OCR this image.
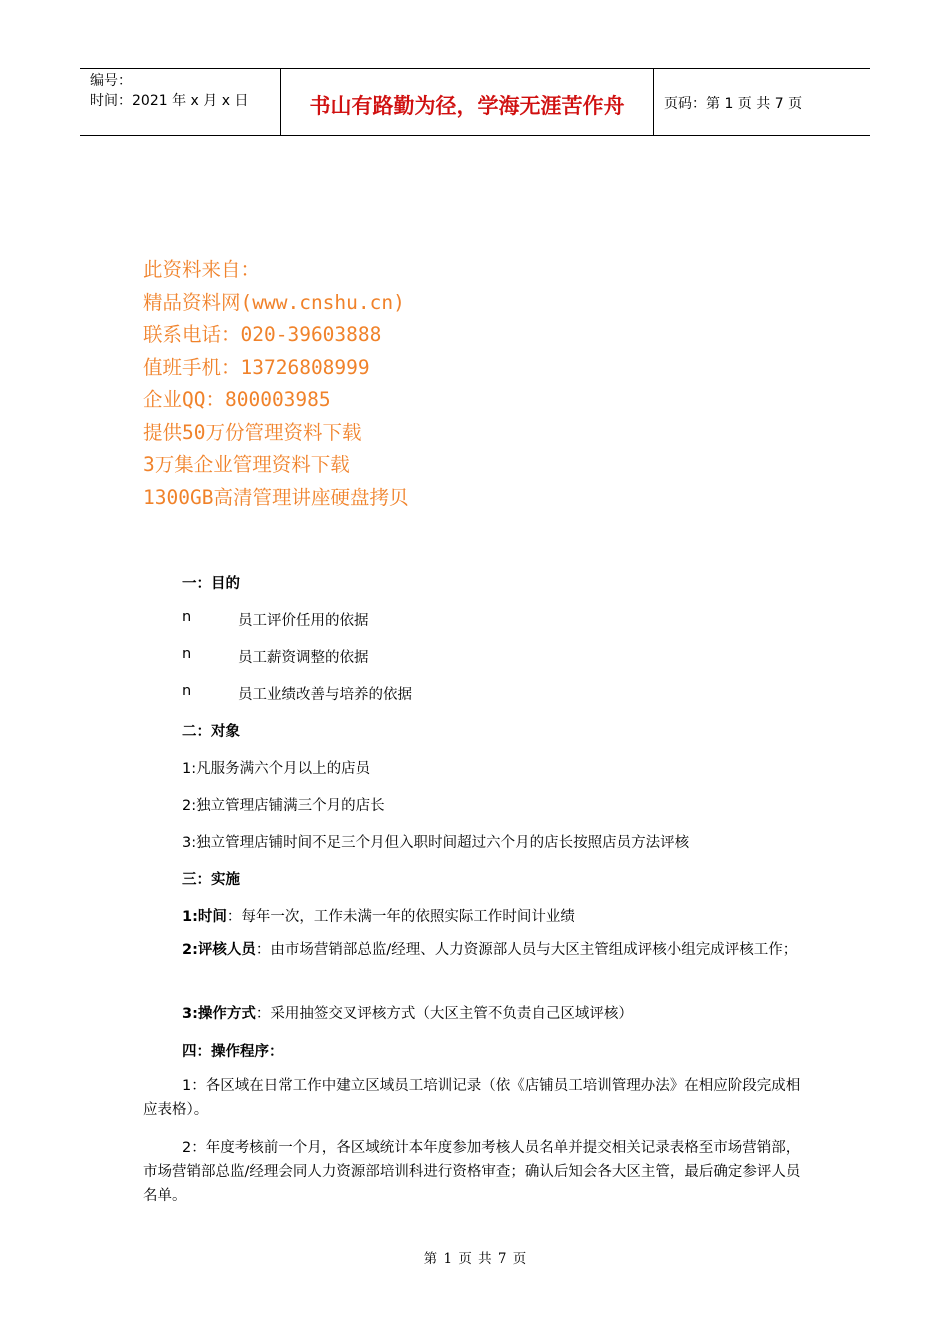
编号：
时间：2021 年 x 月 x 日	书山有路勤为径，学海无涯苦作舟	页码：第 1 页 共 7 页
此资料来自：
精品资料网(www.cnshu.cn)
联系电话：020-39603888
值班手机：13726808999
企业QQ：800003985
提供50万份管理资料下载
3万集企业管理资料下载
1300GB高清管理讲座硬盘拷贝
一：目的
n	员工评价任用的依据
n	员工薪资调整的依据
n	员工业绩改善与培养的依据
二：对象
1:凡服务满六个月以上的店员
2:独立管理店铺满三个月的店长
3:独立管理店铺时间不足三个月但入职时间超过六个月的店长按照店员方法评核
三：实施
1:时间：每年一次，工作未满一年的依照实际工作时间计业绩
2:评核人员：由市场营销部总监/经理、人力资源部人员与大区主管组成评核小组完成评核工作；
3:操作方式：采用抽签交叉评核方式（大区主管不负责自己区域评核）
四：操作程序：
1：各区域在日常工作中建立区域员工培训记录（依《店铺员工培训管理办法》在相应阶段完成相应表格）。
2：年度考核前一个月，各区域统计本年度参加考核人员名单并提交相关记录表格至市场营销部，市场营销部总监/经理会同人力资源部培训科进行资格审查；确认后知会各大区主管，最后确定参评人员名单。
第 1 页 共 7 页
